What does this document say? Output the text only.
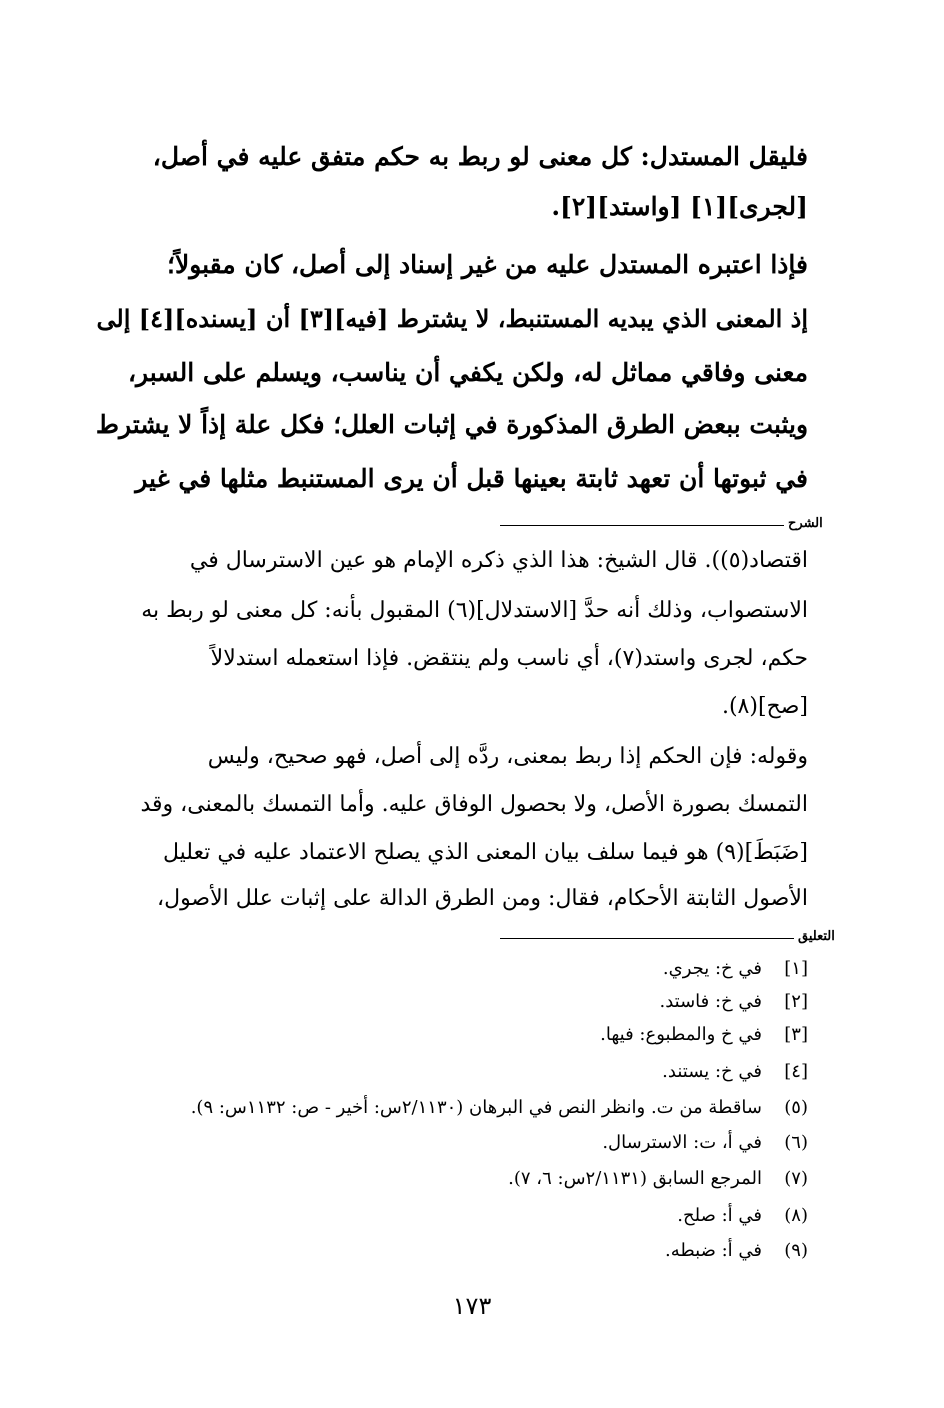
فليقل المستدل: كل معنى لو ربط به حكم متفق عليه في أصل،
[لجرى][١] [واستد][٢].
فإذا اعتبره المستدل عليه من غير إسناد إلى أصل، كان مقبولاً؛
إذ المعنى الذي يبديه المستنبط، لا يشترط [فيه][٣] أن [يسنده][٤] إلى
معنى وفاقي مماثل له، ولكن يكفي أن يناسب، ويسلم على السبر،
ويثبت ببعض الطرق المذكورة في إثبات العلل؛ فكل علة إذاً لا يشترط
في ثبوتها أن تعهد ثابتة بعينها قبل أن يرى المستنبط مثلها في غير
الشرح
اقتصاد(٥)). قال الشيخ: هذا الذي ذكره الإمام هو عين الاسترسال في
الاستصواب، وذلك أنه حدَّ [الاستدلال](٦) المقبول بأنه: كل معنى لو ربط به
حكم، لجرى واستد(٧)، أي ناسب ولم ينتقض. فإذا استعمله استدلالاً
[صح](٨).
وقوله: فإن الحكم إذا ربط بمعنى، ردَّه إلى أصل، فهو صحيح، وليس
التمسك بصورة الأصل، ولا بحصول الوفاق عليه. وأما التمسك بالمعنى، وقد
[ضَبَطَ](٩) هو فيما سلف بيان المعنى الذي يصلح الاعتماد عليه في تعليل
الأصول الثابتة الأحكام، فقال: ومن الطرق الدالة على إثبات علل الأصول،
التعليق
[١]في خ: يجري.
[٢]في خ: فاستد.
[٣]في خ والمطبوع: فيها.
[٤]في خ: يستند.
(٥)ساقطة من ت. وانظر النص في البرهان (٢/١١٣٠س: أخير - ص: ١١٣٢س: ٩).
(٦)في أ، ت: الاسترسال.
(٧)المرجع السابق (٢/١١٣١س: ٦، ٧).
(٨)في أ: صلح.
(٩)في أ: ضبطه.
١٧٣
